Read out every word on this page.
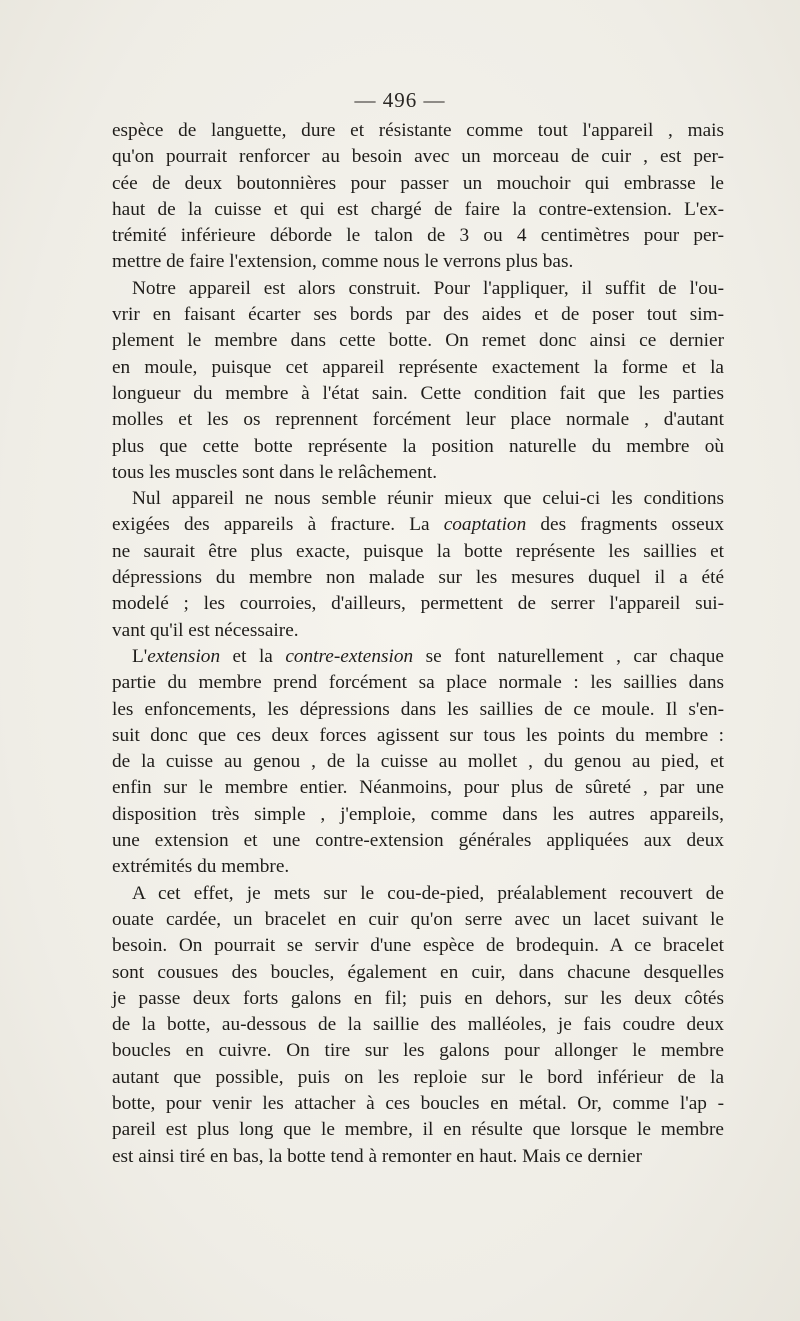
— 496 —
espèce de languette, dure et résistante comme tout l'appareil , mais
qu'on pourrait renforcer au besoin avec un morceau de cuir , est per-
cée de deux boutonnières pour passer un mouchoir qui embrasse le
haut de la cuisse et qui est chargé de faire la contre-extension. L'ex-
trémité inférieure déborde le talon de 3 ou 4 centimètres pour per-
mettre de faire l'extension, comme nous le verrons plus bas.
Notre appareil est alors construit. Pour l'appliquer, il suffit de l'ou-
vrir en faisant écarter ses bords par des aides et de poser tout sim-
plement le membre dans cette botte. On remet donc ainsi ce dernier
en moule, puisque cet appareil représente exactement la forme et la
longueur du membre à l'état sain. Cette condition fait que les parties
molles et les os reprennent forcément leur place normale , d'autant
plus que cette botte représente la position naturelle du membre où
tous les muscles sont dans le relâchement.
Nul appareil ne nous semble réunir mieux que celui-ci les conditions
exigées des appareils à fracture. La coaptation des fragments osseux
ne saurait être plus exacte, puisque la botte représente les saillies et
dépressions du membre non malade sur les mesures duquel il a été
modelé ; les courroies, d'ailleurs, permettent de serrer l'appareil sui-
vant qu'il est nécessaire.
L'extension et la contre-extension se font naturellement , car chaque
partie du membre prend forcément sa place normale : les saillies dans
les enfoncements, les dépressions dans les saillies de ce moule. Il s'en-
suit donc que ces deux forces agissent sur tous les points du membre :
de la cuisse au genou , de la cuisse au mollet , du genou au pied, et
enfin sur le membre entier. Néanmoins, pour plus de sûreté , par une
disposition très simple , j'emploie, comme dans les autres appareils,
une extension et une contre-extension générales appliquées aux deux
extrémités du membre.
A cet effet, je mets sur le cou-de-pied, préalablement recouvert de
ouate cardée, un bracelet en cuir qu'on serre avec un lacet suivant le
besoin. On pourrait se servir d'une espèce de brodequin. A ce bracelet
sont cousues des boucles, également en cuir, dans chacune desquelles
je passe deux forts galons en fil; puis en dehors, sur les deux côtés
de la botte, au-dessous de la saillie des malléoles, je fais coudre deux
boucles en cuivre. On tire sur les galons pour allonger le membre
autant que possible, puis on les reploie sur le bord inférieur de la
botte, pour venir les attacher à ces boucles en métal. Or, comme l'ap -
pareil est plus long que le membre, il en résulte que lorsque le membre
est ainsi tiré en bas, la botte tend à remonter en haut. Mais ce dernier
